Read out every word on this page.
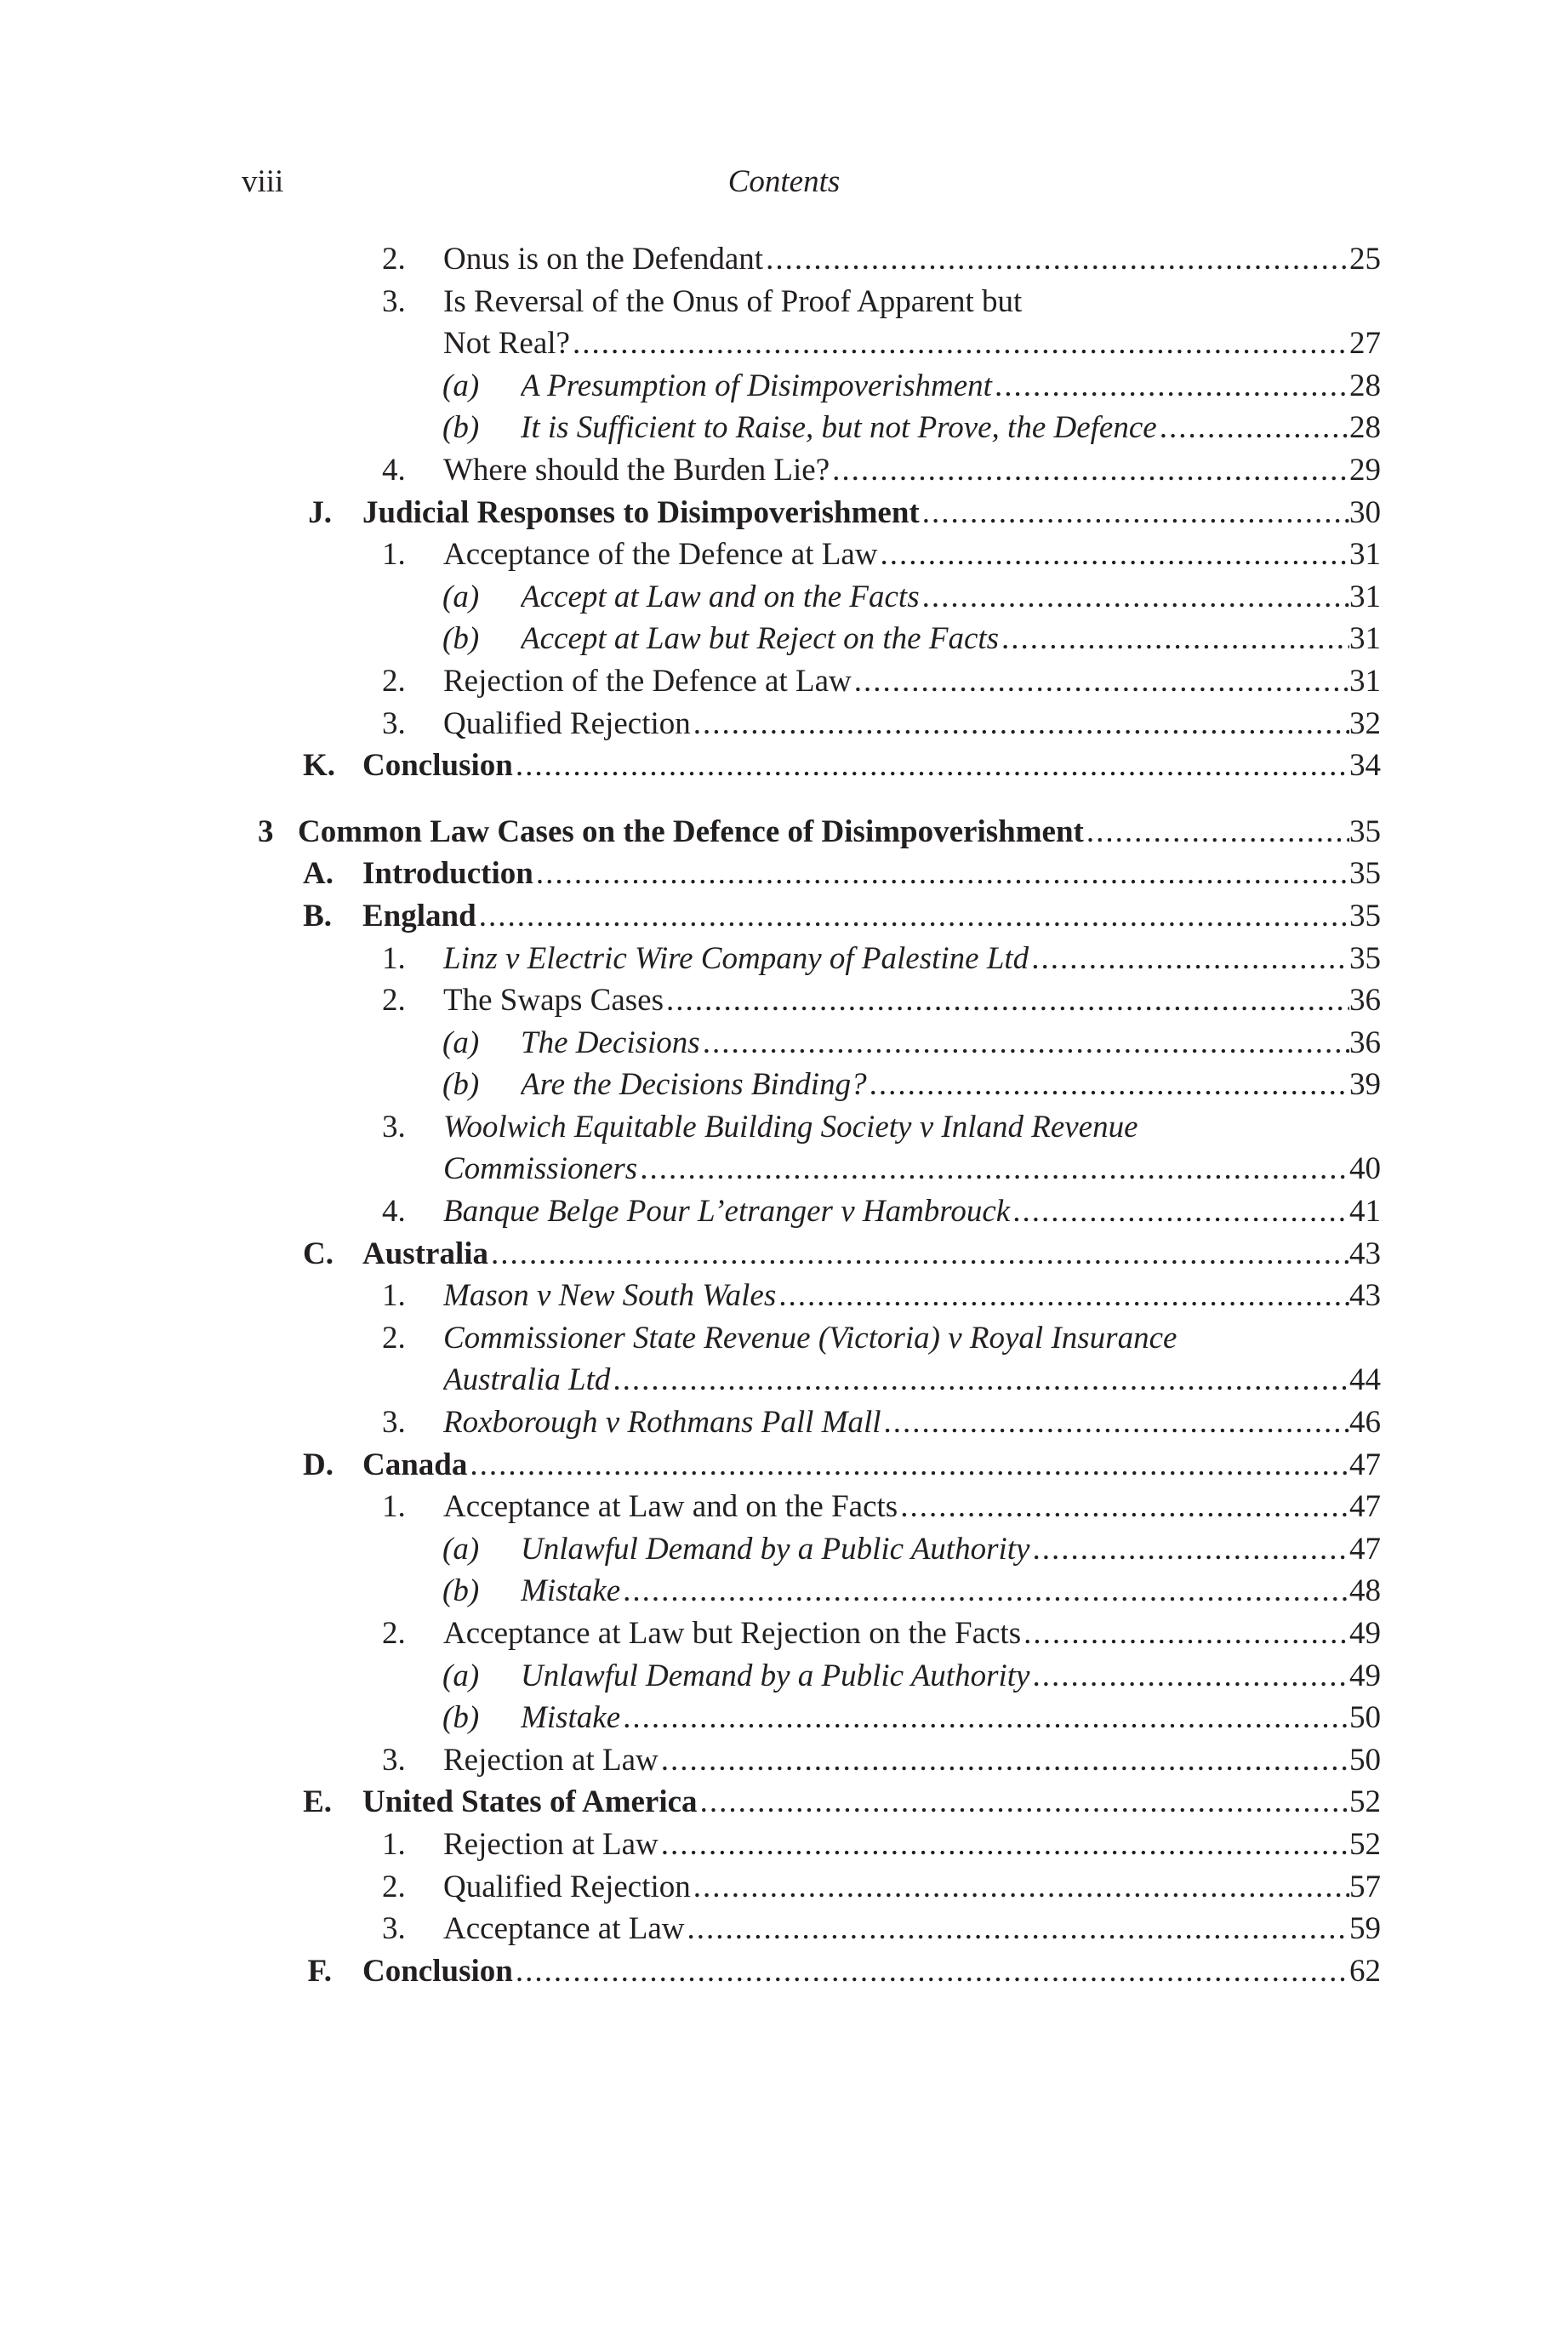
viii	Contents
2. Onus is on the Defendant .....	25
3. Is Reversal of the Onus of Proof Apparent but
Not Real? .....	27
(a) A Presumption of Disimpoverishment .....	28
(b) It is Sufficient to Raise, but not Prove, the Defence .....	28
4. Where should the Burden Lie? .....	29
J. Judicial Responses to Disimpoverishment .....	30
1. Acceptance of the Defence at Law .....	31
(a) Accept at Law and on the Facts .....	31
(b) Accept at Law but Reject on the Facts .....	31
2. Rejection of the Defence at Law .....	31
3. Qualified Rejection .....	32
K. Conclusion .....	34
3 Common Law Cases on the Defence of Disimpoverishment .....	35
A. Introduction .....	35
B. England .....	35
1. Linz v Electric Wire Company of Palestine Ltd .....	35
2. The Swaps Cases .....	36
(a) The Decisions .....	36
(b) Are the Decisions Binding? .....	39
3. Woolwich Equitable Building Society v Inland Revenue
Commissioners .....	40
4. Banque Belge Pour L’etranger v Hambrouck .....	41
C. Australia .....	43
1. Mason v New South Wales .....	43
2. Commissioner State Revenue (Victoria) v Royal Insurance
Australia Ltd .....	44
3. Roxborough v Rothmans Pall Mall .....	46
D. Canada .....	47
1. Acceptance at Law and on the Facts .....	47
(a) Unlawful Demand by a Public Authority .....	47
(b) Mistake .....	48
2. Acceptance at Law but Rejection on the Facts .....	49
(a) Unlawful Demand by a Public Authority .....	49
(b) Mistake .....	50
3. Rejection at Law .....	50
E. United States of America .....	52
1. Rejection at Law .....	52
2. Qualified Rejection .....	57
3. Acceptance at Law .....	59
F. Conclusion .....	62
